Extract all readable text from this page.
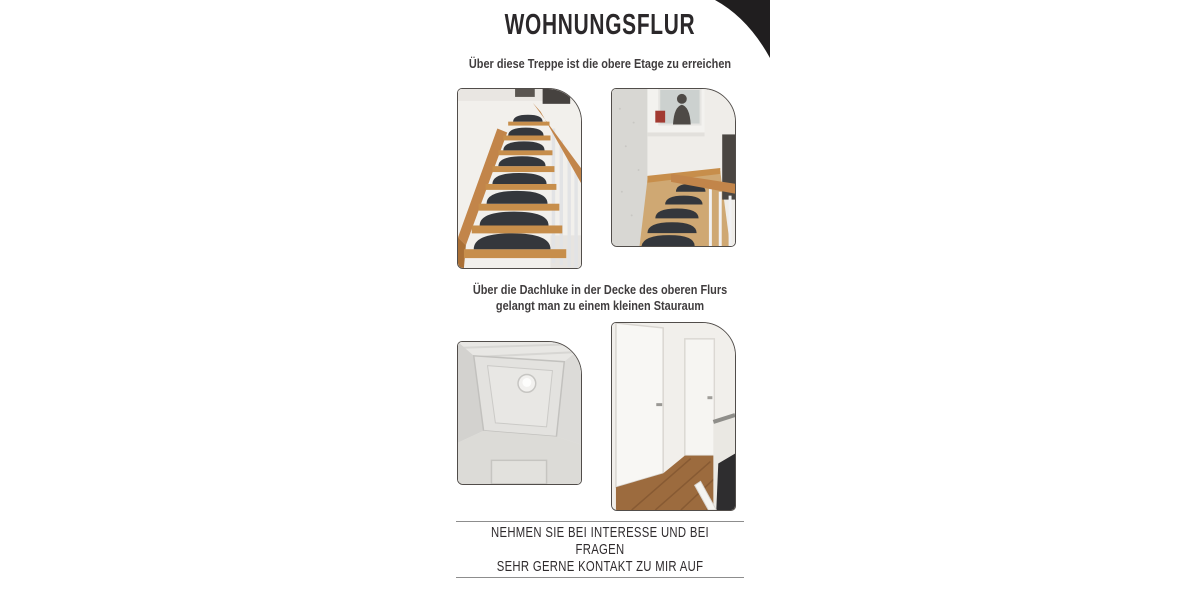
WOHNUNGSFLUR
Über diese Treppe ist die obere Etage zu erreichen
Über die Dachluke in der Decke des oberen Flurs
gelangt man zu einem kleinen Stauraum
NEHMEN SIE BEI INTERESSE UND BEI FRAGEN
SEHR GERNE KONTAKT ZU MIR AUF
